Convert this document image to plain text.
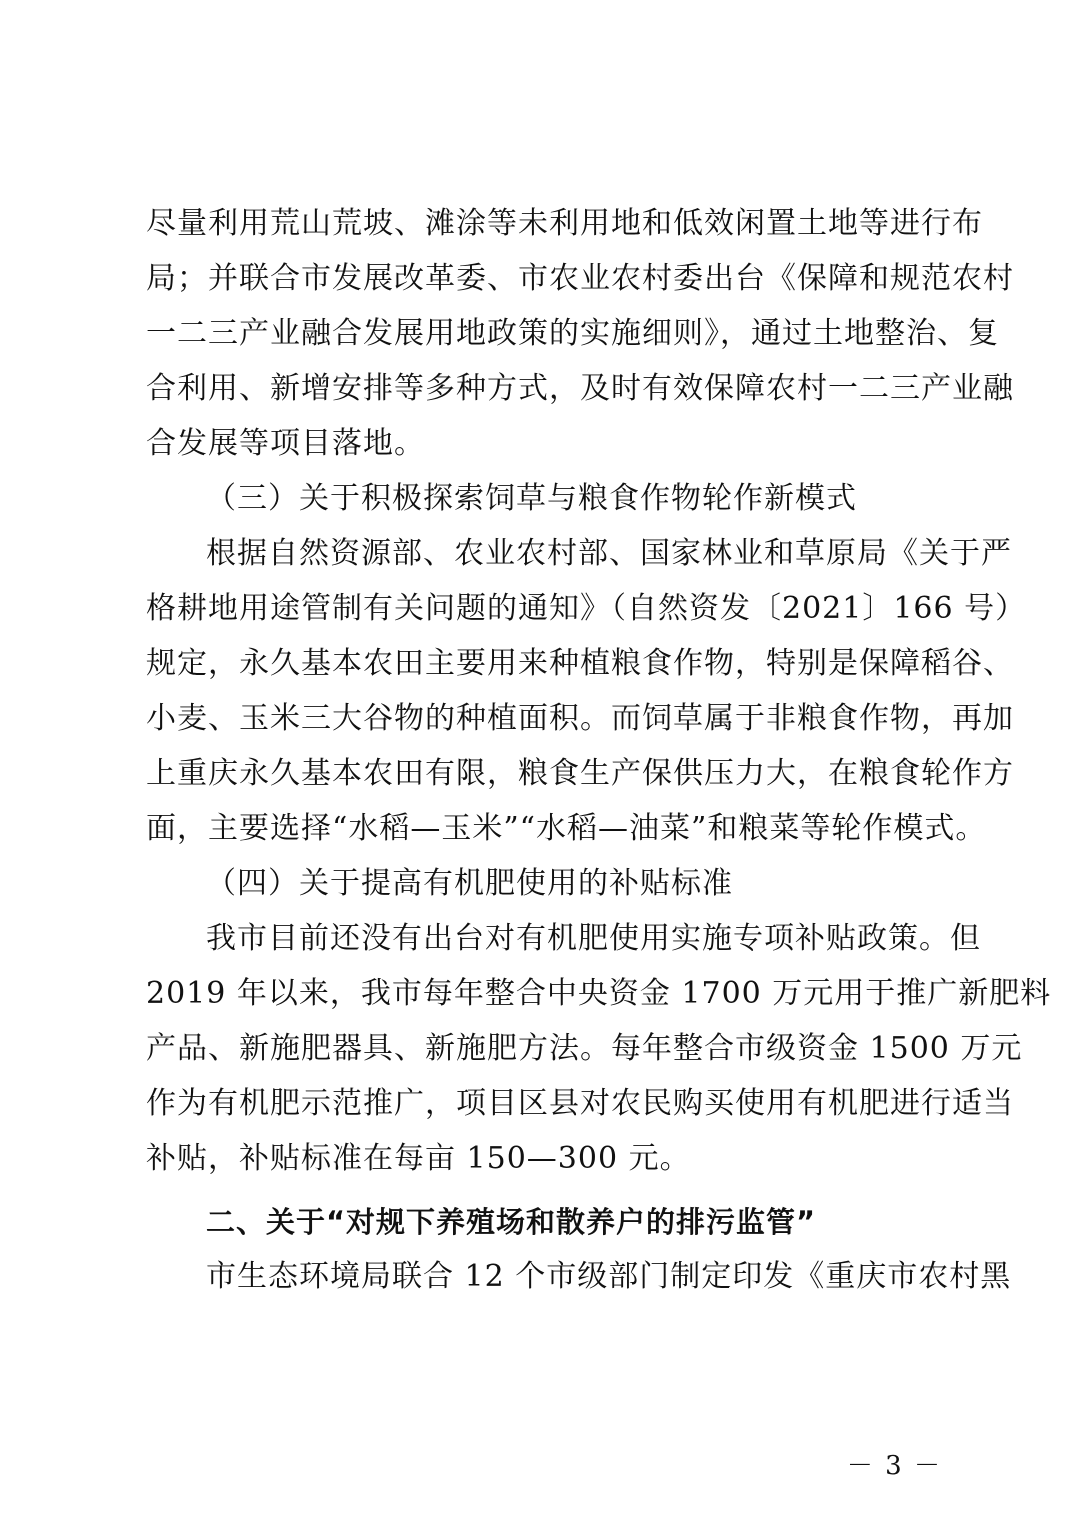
尽量利用荒山荒坡、滩涂等未利用地和低效闲置土地等进行布
局；并联合市发展改革委、市农业农村委出台《保障和规范农村
一二三产业融合发展用地政策的实施细则》，通过土地整治、复
合利用、新增安排等多种方式，及时有效保障农村一二三产业融
合发展等项目落地。
（三）关于积极探索饲草与粮食作物轮作新模式
根据自然资源部、农业农村部、国家林业和草原局《关于严
格耕地用途管制有关问题的通知》（自然资发〔2021〕166 号）
规定，永久基本农田主要用来种植粮食作物，特别是保障稻谷、
小麦、玉米三大谷物的种植面积。而饲草属于非粮食作物，再加
上重庆永久基本农田有限，粮食生产保供压力大，在粮食轮作方
面，主要选择“水稻—玉米”“水稻—油菜”和粮菜等轮作模式。
（四）关于提高有机肥使用的补贴标准
我市目前还没有出台对有机肥使用实施专项补贴政策。但
2019 年以来，我市每年整合中央资金 1700 万元用于推广新肥料
产品、新施肥器具、新施肥方法。每年整合市级资金 1500 万元
作为有机肥示范推广，项目区县对农民购买使用有机肥进行适当
补贴，补贴标准在每亩 150—300 元。
二、关于“对规下养殖场和散养户的排污监管”
市生态环境局联合 12 个市级部门制定印发《重庆市农村黑
－ 3 －
